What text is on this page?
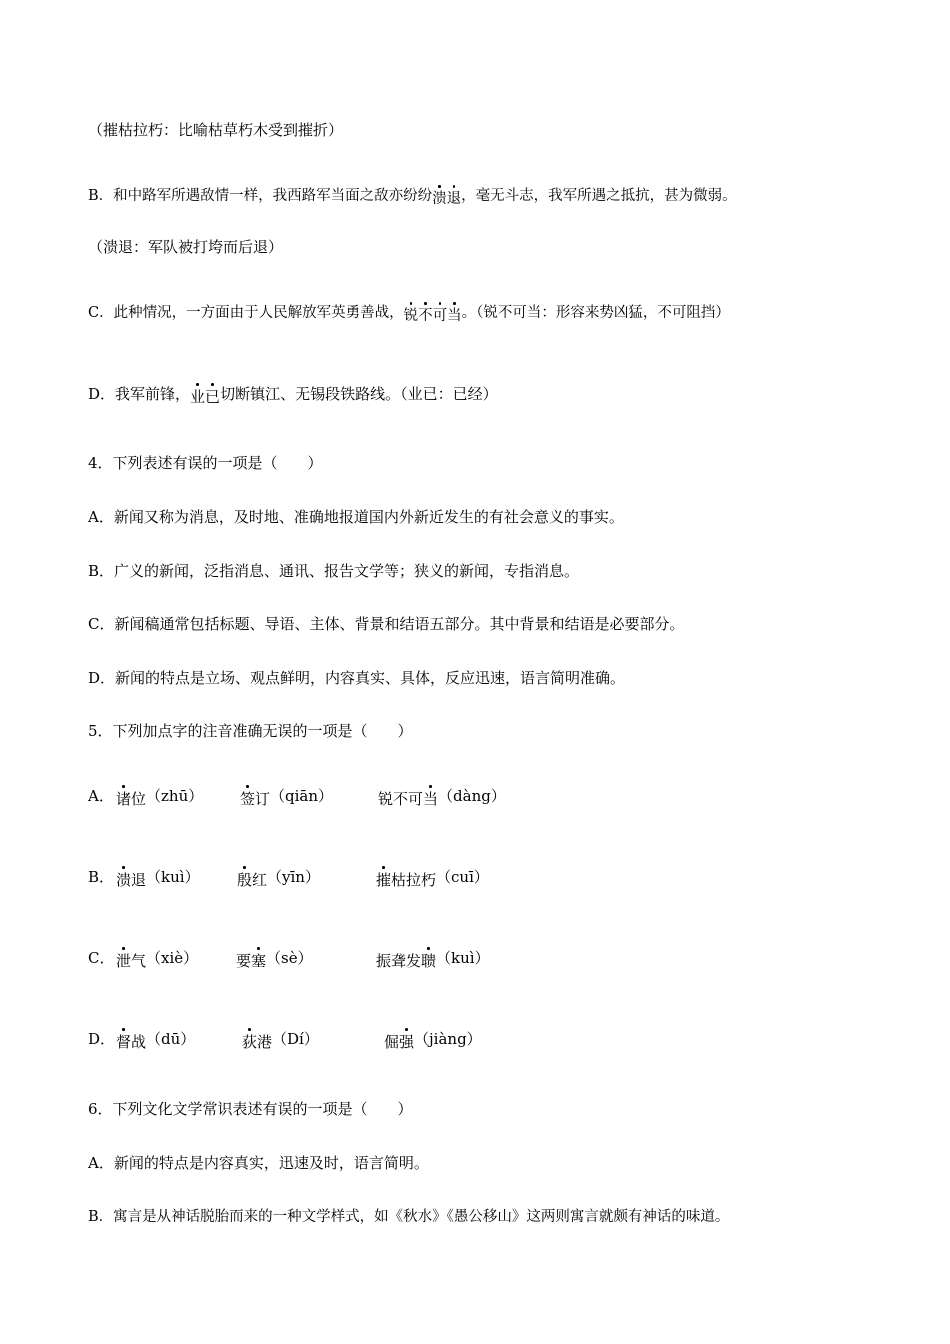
（摧枯拉朽：比喻枯草朽木受到摧折）
B．和中路军所遇敌情一样，我西路军当面之敌亦纷纷溃退，毫无斗志，我军所遇之抵抗，甚为微弱。
（溃退：军队被打垮而后退）
C．此种情况，一方面由于人民解放军英勇善战，锐不可当。（锐不可当：形容来势凶猛，不可阻挡）
D．我军前锋，业已切断镇江、无锡段铁路线。（业已：已经）
4．下列表述有误的一项是（　　）
A．新闻又称为消息，及时地、准确地报道国内外新近发生的有社会意义的事实。
B．广义的新闻，泛指消息、通讯、报告文学等；狭义的新闻，专指消息。
C．新闻稿通常包括标题、导语、主体、背景和结语五部分。其中背景和结语是必要部分。
D．新闻的特点是立场、观点鲜明，内容真实、具体，反应迅速，语言简明准确。
5．下列加点字的注音准确无误的一项是（　　）
A． 诸位（zhū） 签订（qiān）	锐不可当（dàng）
B． 溃退（kuì） 殷红（yīn）	摧枯拉朽（cuī）
C． 泄气（xiè）	要塞（sè）	振聋发聩（kuì）
D． 督战（dū）	荻港（Dí）	倔强（jiàng）
6．下列文化文学常识表述有误的一项是（　　）
A．新闻的特点是内容真实，迅速及时，语言简明。
B．寓言是从神话脱胎而来的一种文学样式，如《秋水》《愚公移山》这两则寓言就颇有神话的味道。
